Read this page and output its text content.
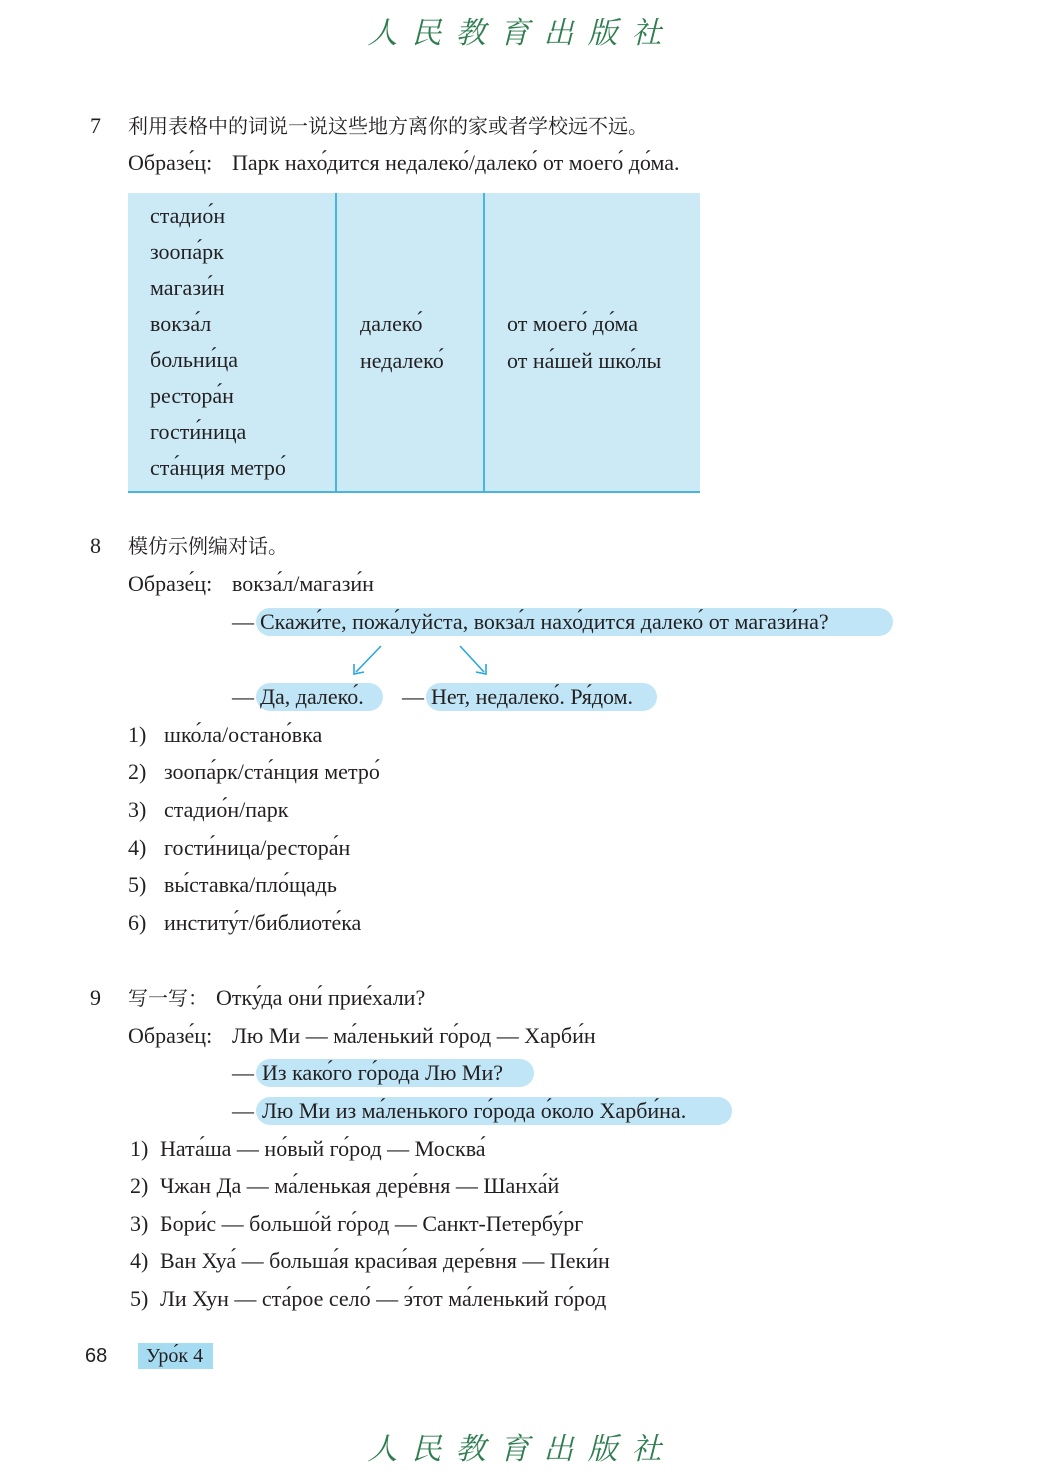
人民教育出版社
7 利用表格中的词说一说这些地方离你的家或者学校远不远。
Образе́ц: Парк нахо́дится недалеко́/далеко́ от моего́ до́ма.
стадио́н
зоопа́рк
магази́н
вокза́л
больни́ца
рестора́н
гости́ница
ста́нция метро́
далеко́
недалеко́
от моего́ до́ма
от на́шей шко́лы
8 模仿示例编对话。
Образе́ц: вокза́л/магази́н
— Скажи́те, пожа́луйста, вокза́л нахо́дится далеко́ от магази́на?
— Да, далеко́. — Нет, недалеко́. Ря́дом.
1) шко́ла/остано́вка
2) зоопа́рк/ста́нция метро́
3) стадио́н/парк
4) гости́ница/рестора́н
5) вы́ставка/пло́щадь
6) институ́т/библиоте́ка
9 写一写： Отку́да они́ прие́хали?
Образе́ц: Лю Ми — ма́ленький го́род — Харби́н
— Из како́го го́рода Лю Ми?
— Лю Ми из ма́ленького го́рода о́коло Харби́на.
1) Ната́ша — но́вый го́род — Москва́
2) Чжан Да — ма́ленькая дере́вня — Шанха́й
3) Бори́с — большо́й го́род — Санкт-Петербу́рг
4) Ван Хуа́ — больша́я краси́вая дере́вня — Пеки́н
5) Ли Хун — ста́рое село́ — э́тот ма́ленький го́род
68 Уро́к 4
人民教育出版社
